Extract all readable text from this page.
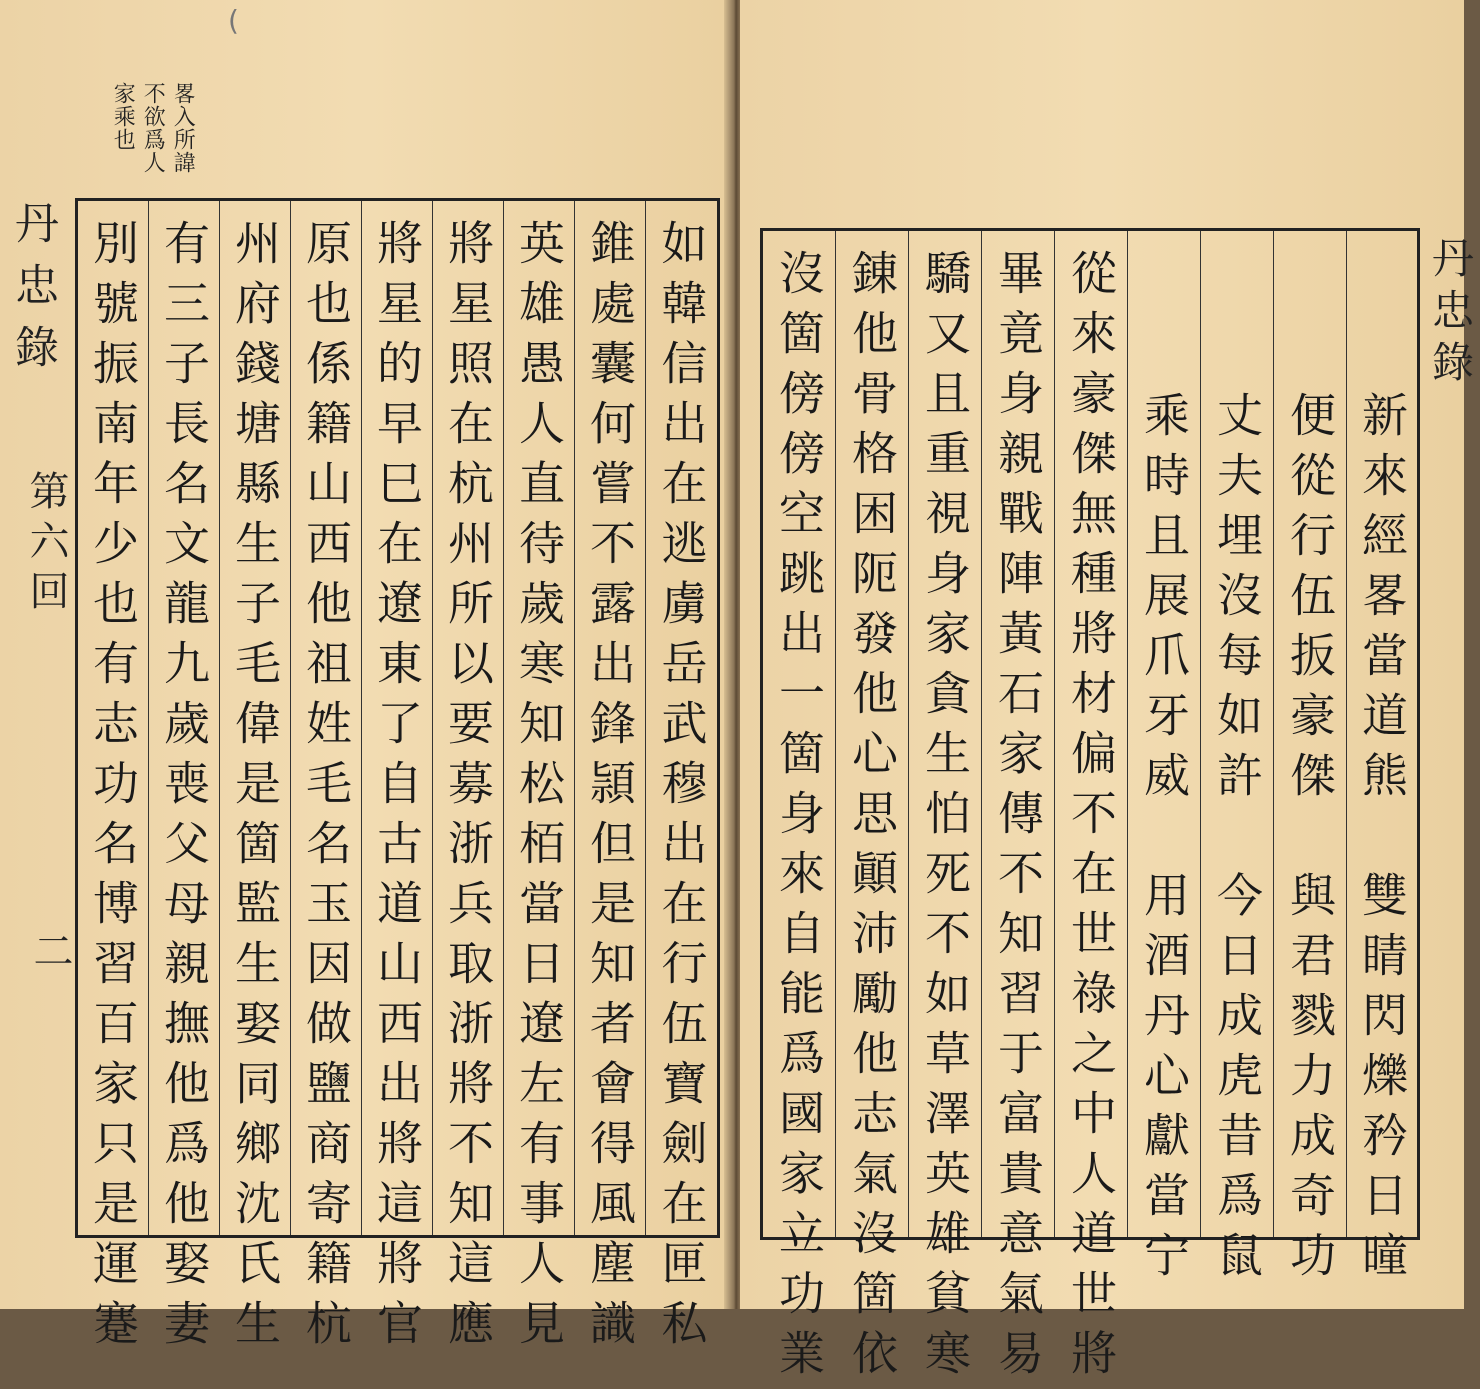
畧入所諱
不欲爲人
家乘也
丹忠錄
第六回
二 別號振南年少也有志功名博習百家只是運蹇 有三子長名文龍九歲喪父母親撫他爲他娶妻 州府錢塘縣生子毛偉是箇監生娶同鄉沈氏生 原也係籍山西他祖姓毛名玉因做鹽商寄籍杭 將星的早巳在遼東了自古道山西出將這將官 將星照在杭州所以要募浙兵取浙將不知這應 英雄愚人直待歲寒知松栢當日遼左有事人見 錐處囊何嘗不露出鋒頴但是知者會得風塵識 如韓信出在逃虜岳武穆出在行伍寶劍在匣私
(
沒箇傍傍空跳出一箇身來自能爲國家立功業 錬他骨格困阨發他心思顚沛勵他志氣沒箇依 驕又且重視身家貪生怕死不如草澤英雄貧寒 畢竟身親戰陣黃石家傳不知習于富貴意氣易 從來豪傑無種將材偏不在世祿之中人道世將 乘時且展爪牙威　用酒丹心獻當宁 丈夫埋沒每如許　今日成虎昔爲鼠 便從行伍扳豪傑　與君戮力成奇功 新來經畧當道熊　雙睛閃爍矜日曈
丹忠錄
